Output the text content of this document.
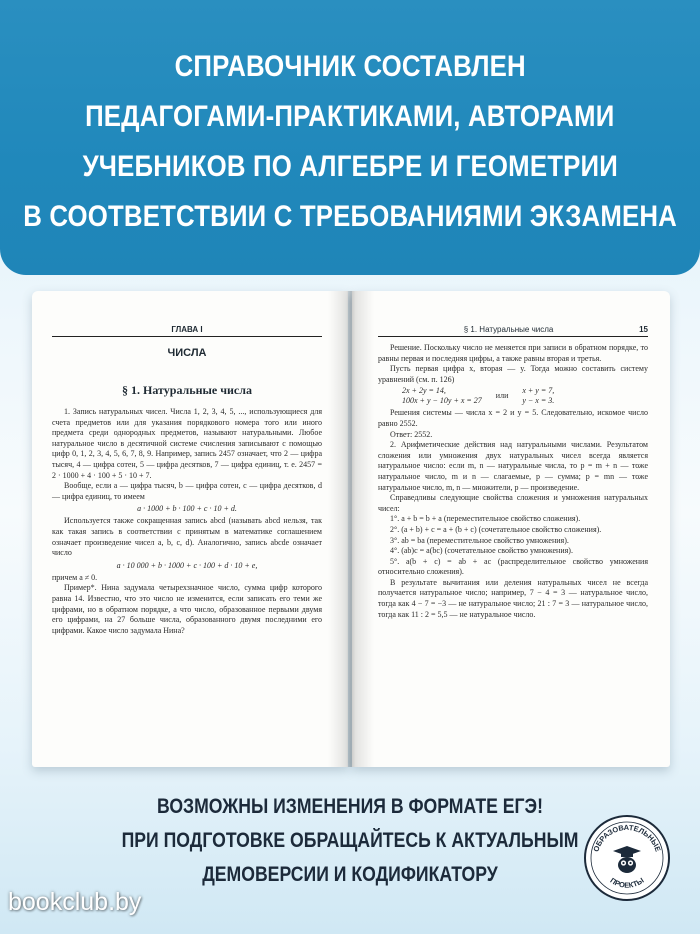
СПРАВОЧНИК СОСТАВЛЕН
ПЕДАГОГАМИ-ПРАКТИКАМИ, АВТОРАМИ
УЧЕБНИКОВ ПО АЛГЕБРЕ И ГЕОМЕТРИИ
В СООТВЕТСТВИИ С ТРЕБОВАНИЯМИ ЭКЗАМЕНА
ГЛАВА I
ЧИСЛА
§ 1. Натуральные числа

1. Запись натуральных чисел. Числа 1, 2, 3, 4, 5, ..., использующиеся для счета предметов или для указания порядкового номера того или иного предмета среди однородных предметов, называют натуральными. Любое натуральное число в десятичной системе счисления записывают с помощью цифр 0, 1, 2, 3, 4, 5, 6, 7, 8, 9. Например, запись 2457 означает, что 2 — цифра тысяч, 4 — цифра сотен, 5 — цифра десятков, 7 — цифра единиц, т. е. 2457 = 2 · 1000 + 4 · 100 + 5 · 10 + 7.

Вообще, если a — цифра тысяч, b — цифра сотен, c — цифра десятков, d — цифра единиц, то имеем

a · 1000 + b · 100 + c · 10 + d.

Используется также сокращенная запись abcd (называть abcd нельзя, так как такая запись в соответствии с принятым в математике соглашением означает произведение чисел a, b, c, d). Аналогично, запись abcde означает число

a · 10 000 + b · 1000 + c · 100 + d · 10 + e,

причем a ≠ 0.

Пример*. Нина задумала четырехзначное число, сумма цифр которого равна 14. Известно, что это число не изменится, если записать его теми же цифрами, но в обратном порядке, а что число, образованное первыми двумя его цифрами, на 27 больше числа, образованного двумя последними его цифрами. Какое число задумала Нина?

§ 1. Натуральные числа	15

Решение. Поскольку число не меняется при записи в обратном порядке, то равны первая и последняя цифры, а также равны вторая и третья.

Пусть первая цифра x, вторая — y. Тогда можно составить систему уравнений (см. п. 126)

2x + 2y = 14,
100x + y − 10y + x = 27
или
x + y = 7,
y − x = 3.

Решения системы — числа x = 2 и y = 5. Следовательно, искомое число равно 2552.

Ответ: 2552.

2. Арифметические действия над натуральными числами. Результатом сложения или умножения двух натуральных чисел всегда является натуральное число: если m, n — натуральные числа, то p = m + n — тоже натуральное число, m и n — слагаемые, p — сумма; p = mn — тоже натуральное число, m, n — множители, p — произведение.

Справедливы следующие свойства сложения и умножения натуральных чисел:

1°. a + b = b + a (переместительное свойство сложения).

2°. (a + b) + c = a + (b + c) (сочетательное свойство сложения).

3°. ab = ba (переместительное свойство умножения).

4°. (ab)c = a(bc) (сочетательное свойство умножения).

5°. a(b + c) = ab + ac (распределительное свойство умножения относительно сложения).

В результате вычитания или деления натуральных чисел не всегда получается натуральное число; например, 7 − 4 = 3 — натуральное число, тогда как 4 − 7 = −3 — не натуральное число; 21 : 7 = 3 — натуральное число, тогда как 11 : 2 = 5,5 — не натуральное число.

ВОЗМОЖНЫ ИЗМЕНЕНИЯ В ФОРМАТЕ ЕГЭ!
ПРИ ПОДГОТОВКЕ ОБРАЩАЙТЕСЬ К АКТУАЛЬНЫМ
ДЕМОВЕРСИИ И КОДИФИКАТОРУ
ОБРАЗОВАТЕЛЬНЫЕ
ПРОЕКТЫ
bookclub.by
